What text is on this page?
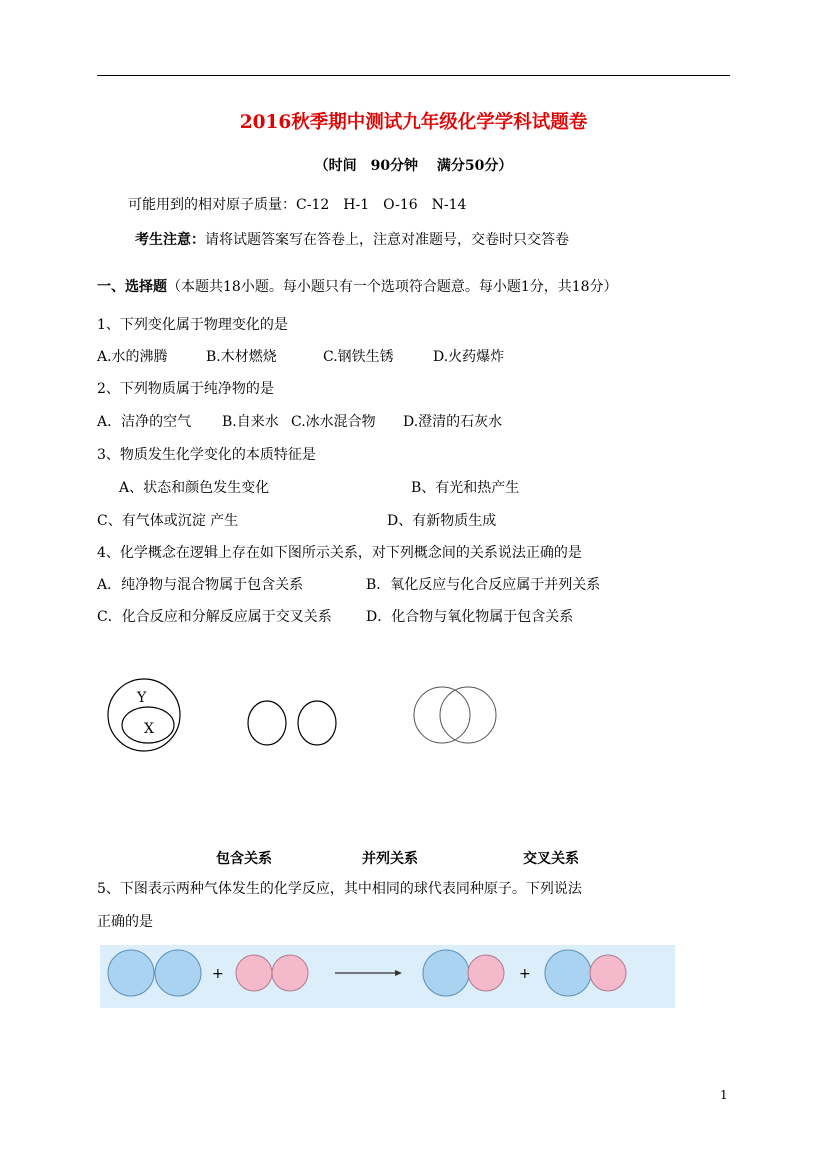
2016秋季期中测试九年级化学学科试题卷
（时间　90分钟　 满分50分）
可能用到的相对原子质量：C-12　H-1　O-16　N-14
考生注意：请将试题答案写在答卷上，注意对准题号，交卷时只交答卷
一、选择题（本题共18小题。每小题只有一个选项符合题意。每小题1分，共18分）
1、下列变化属于物理变化的是
A.水的沸腾	B.木材燃烧	C.钢铁生锈	D.火药爆炸
2、下列物质属于纯净物的是
A．洁净的空气 B.自来水 C.冰水混合物 D.澄清的石灰水
3、物质发生化学变化的本质特征是
A、状态和颜色发生变化	B、有光和热产生
C、有气体或沉淀 产生	D、有新物质生成
4、化学概念在逻辑上存在如下图所示关系，对下列概念间的关系说法正确的是
A．纯净物与混合物属于包含关系	B．氧化反应与化合反应属于并列关系
C．化合反应和分解反应属于交叉关系 D．化合物与氧化物属于包含关系
Y
X
包含关系	并列关系	交叉关系
5、下图表示两种气体发生的化学反应，其中相同的球代表同种原子。下列说法
正确的是
+	+
1
